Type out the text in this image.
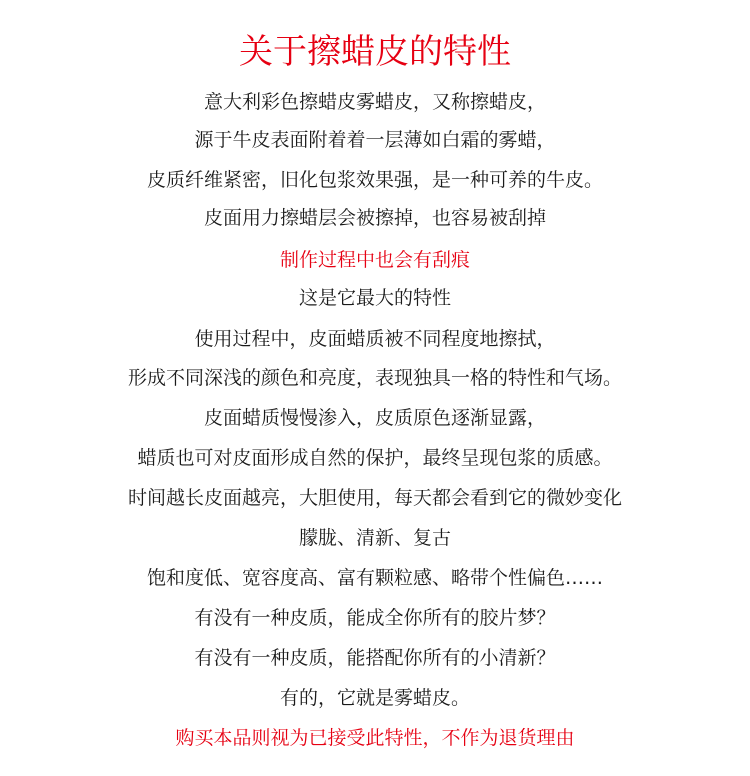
关于擦蜡皮的特性
意大利彩色擦蜡皮雾蜡皮，又称擦蜡皮，
源于牛皮表面附着着一层薄如白霜的雾蜡，
皮质纤维紧密，旧化包浆效果强，是一种可养的牛皮。
皮面用力擦蜡层会被擦掉，也容易被刮掉
制作过程中也会有刮痕
这是它最大的特性
使用过程中，皮面蜡质被不同程度地擦拭，
形成不同深浅的颜色和亮度，表现独具一格的特性和气场。
皮面蜡质慢慢渗入，皮质原色逐渐显露，
蜡质也可对皮面形成自然的保护，最终呈现包浆的质感。
时间越长皮面越亮，大胆使用，每天都会看到它的微妙变化
朦胧、清新、复古
饱和度低、宽容度高、富有颗粒感、略带个性偏色……
有没有一种皮质，能成全你所有的胶片梦？
有没有一种皮质，能搭配你所有的小清新？
有的，它就是雾蜡皮。
购买本品则视为已接受此特性，不作为退货理由
